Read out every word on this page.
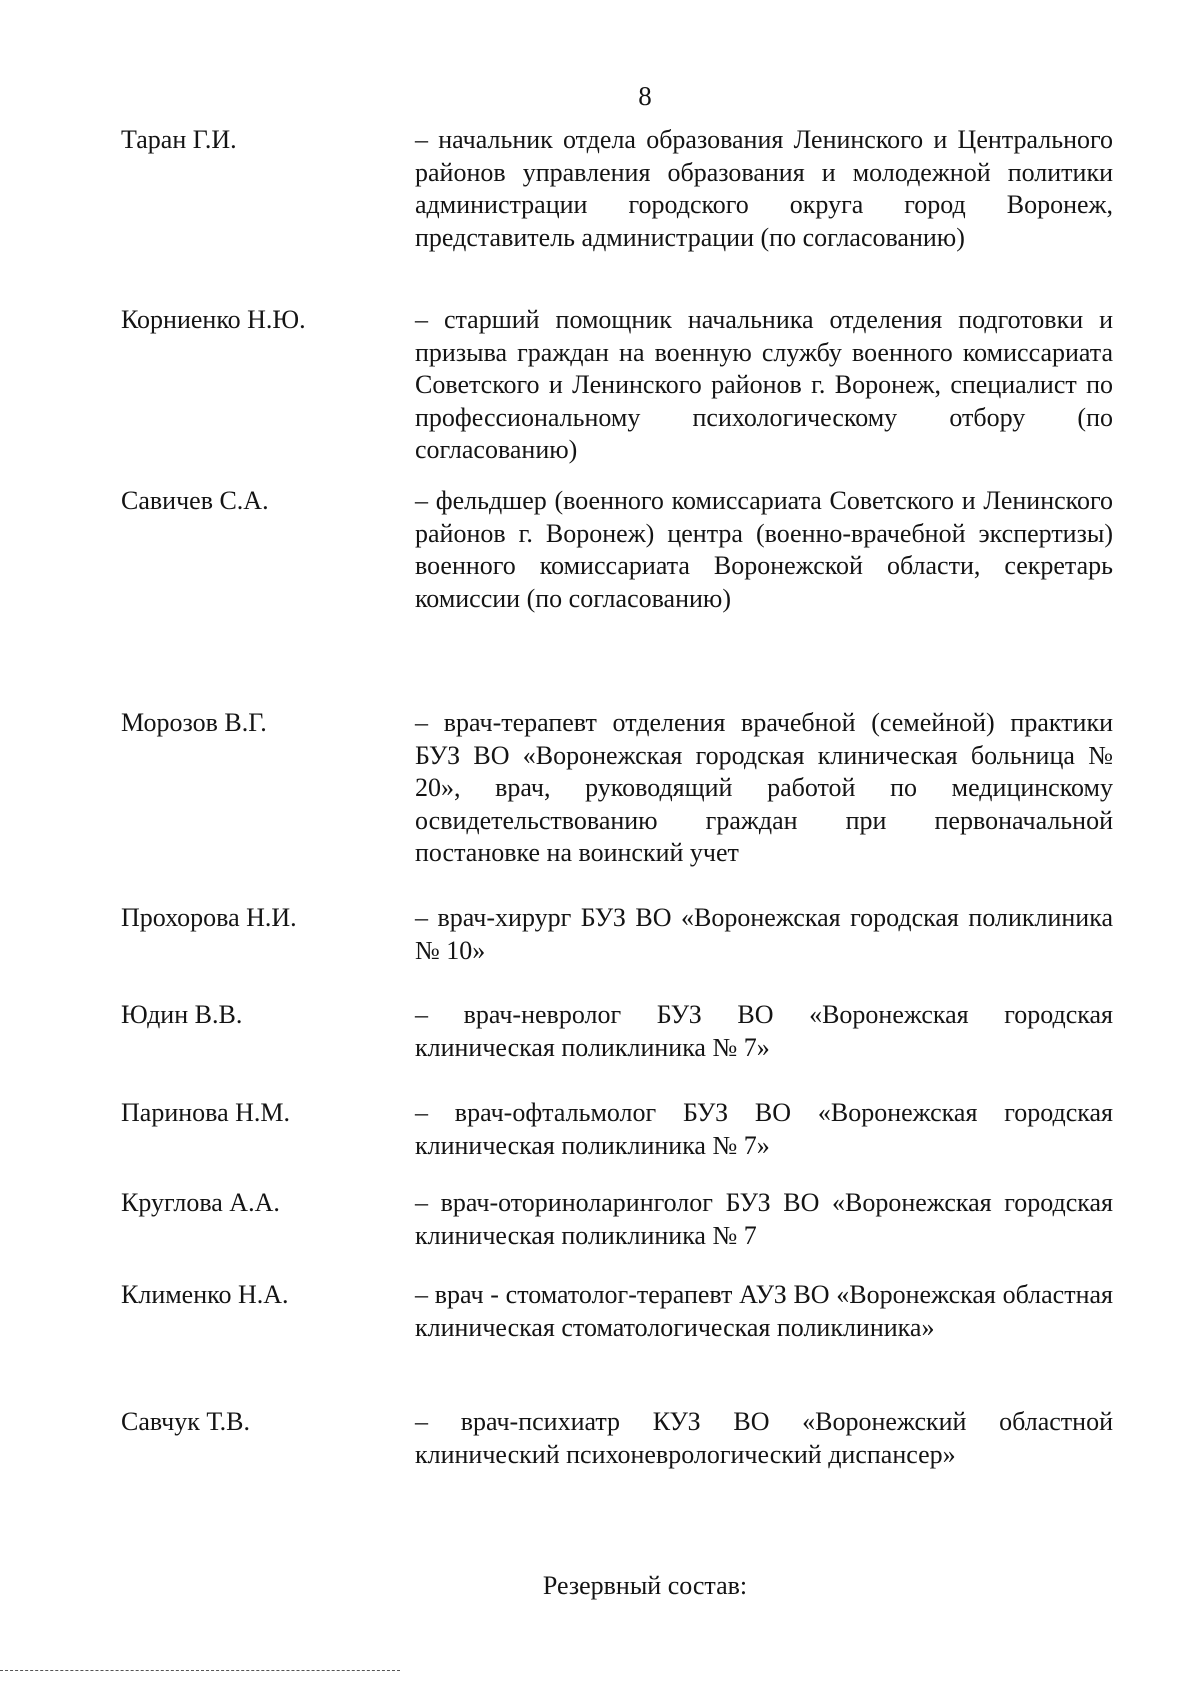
8
Таран Г.И.	– начальник отдела образования Ленинского и Центрального районов управления образования и молодежной политики администрации городского округа город Воронеж, представитель администрации (по согласованию)
Корниенко Н.Ю.	– старший помощник начальника отделения подготовки и призыва граждан на военную службу военного комиссариата Советского и Ленинского районов г. Воронеж, специалист по профессиональному психологическому отбору (по согласованию)
Савичев С.А.	– фельдшер (военного комиссариата Советского и Ленинского районов г. Воронеж) центра (военно-врачебной экспертизы) военного комиссариата Воронежской области, секретарь комиссии (по согласованию)
Морозов В.Г.	– врач-терапевт отделения врачебной (семейной) практики БУЗ ВО «Воронежская городская клиническая больница № 20», врач, руководящий работой по медицинскому освидетельствованию граждан при первоначальной постановке на воинский учет
Прохорова Н.И.	– врач-хирург БУЗ ВО «Воронежская городская поликлиника № 10»
Юдин В.В.	– врач-невролог БУЗ ВО «Воронежская городская клиническая поликлиника № 7»
Паринова Н.М.	– врач-офтальмолог БУЗ ВО «Воронежская городская клиническая поликлиника № 7»
Круглова А.А.	– врач-оториноларинголог БУЗ ВО «Воронежская городская клиническая поликлиника № 7
Клименко Н.А.	– врач - стоматолог-терапевт АУЗ ВО «Воронежская областная клиническая стоматологическая поликлиника»
Савчук Т.В.	– врач-психиатр КУЗ ВО «Воронежский областной клинический психоневрологический диспансер»
Резервный состав:
